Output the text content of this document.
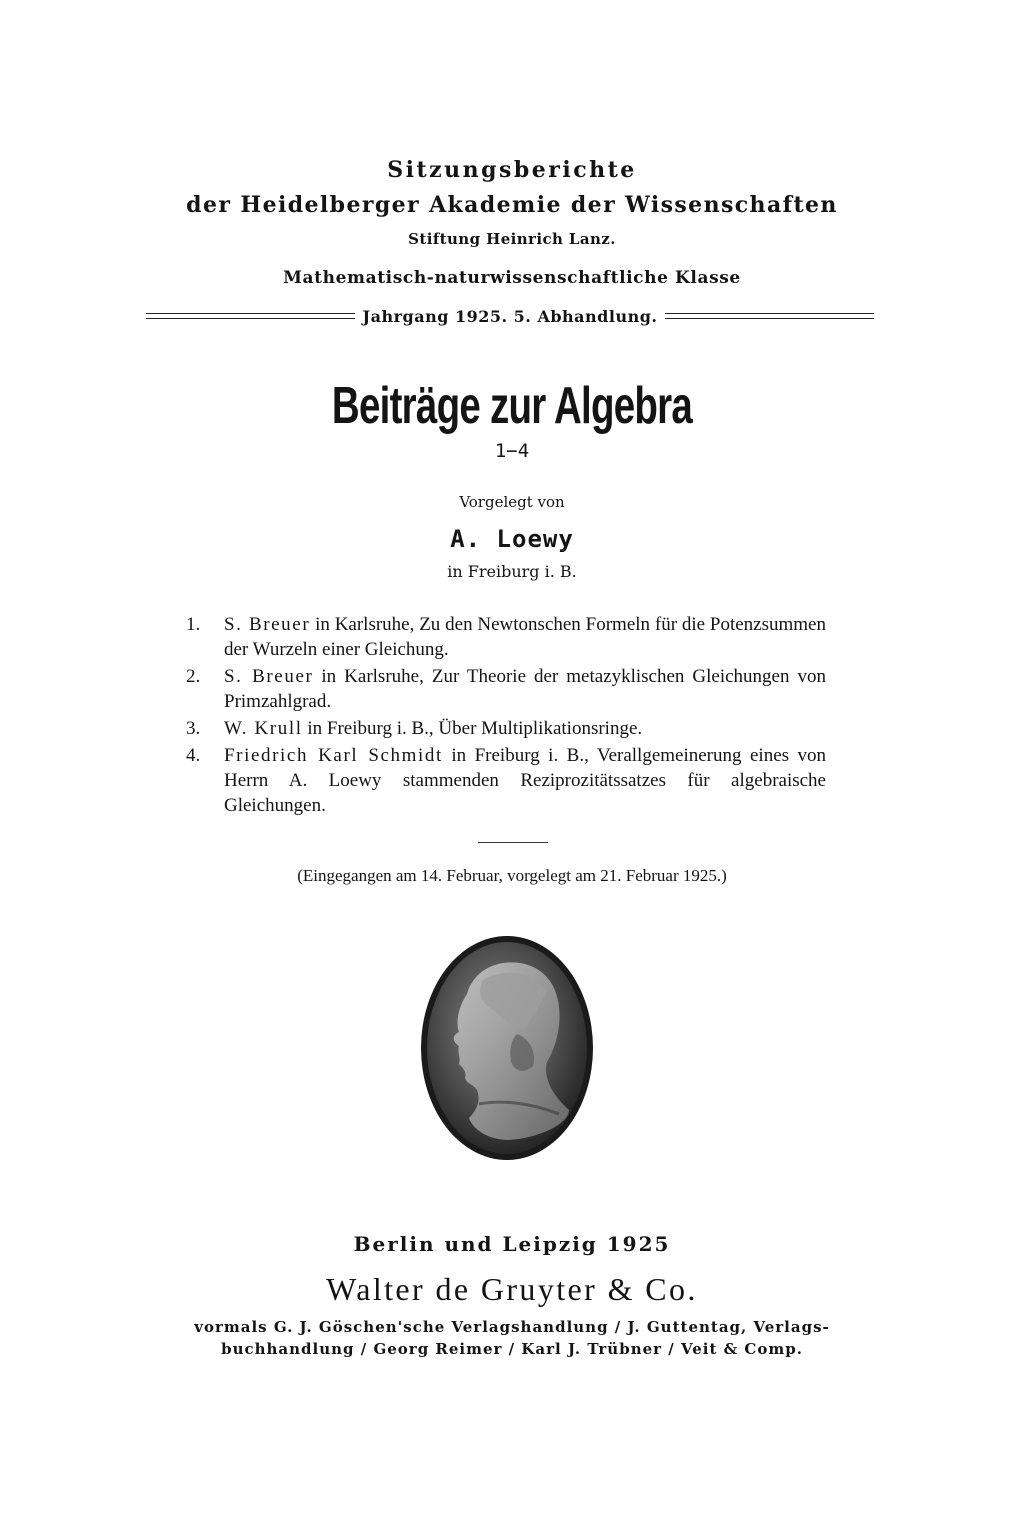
Sitzungsberichte
der Heidelberger Akademie der Wissenschaften
Stiftung Heinrich Lanz.
Mathematisch-naturwissenschaftliche Klasse
Jahrgang 1925. 5. Abhandlung.
Beiträge zur Algebra
1−4
Vorgelegt von
A. Loewy
in Freiburg i. B.
1.	S. Breuer in Karlsruhe, Zu den Newtonschen Formeln für die Potenzsummen der Wurzeln einer Gleichung.
2.	S. Breuer in Karlsruhe, Zur Theorie der metazyklischen Gleichungen von Primzahlgrad.
3.	W. Krull in Freiburg i. B., Über Multiplikationsringe.
4.	Friedrich Karl Schmidt in Freiburg i. B., Verallgemeinerung eines von Herrn A. Loewy stammenden Reziprozitätssatzes für algebraische Gleichungen.
(Eingegangen am 14. Februar, vorgelegt am 21. Februar 1925.)
Berlin und Leipzig 1925
Walter de Gruyter & Co.
vormals G. J. Göschen'sche Verlagshandlung / J. Guttentag, Verlags-
buchhandlung / Georg Reimer / Karl J. Trübner / Veit & Comp.
